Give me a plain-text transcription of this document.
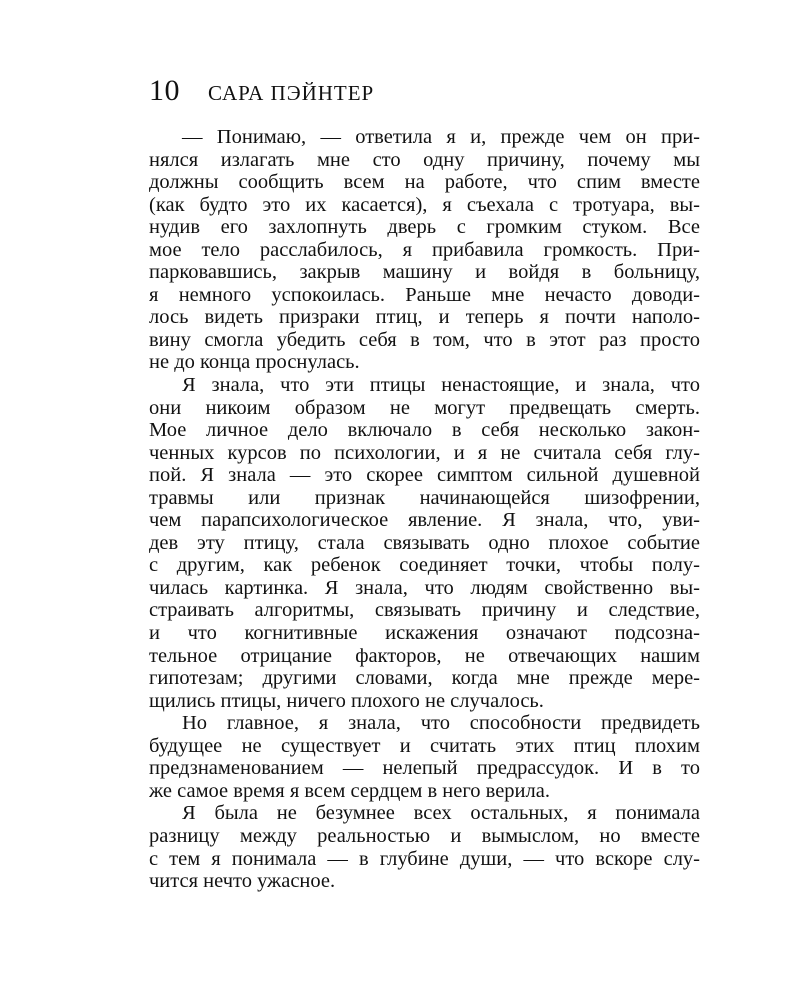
10 САРА ПЭЙНТЕР
— Понимаю, — ответила я и, прежде чем он при-
нялся излагать мне сто одну причину, почему мы
должны сообщить всем на работе, что спим вместе
(как будто это их касается), я съехала с тротуара, вы-
нудив его захлопнуть дверь с громким стуком. Все
мое тело расслабилось, я прибавила громкость. При-
парковавшись, закрыв машину и войдя в больницу,
я немного успокоилась. Раньше мне нечасто доводи-
лось видеть призраки птиц, и теперь я почти наполо-
вину смогла убедить себя в том, что в этот раз просто
не до конца проснулась.
Я знала, что эти птицы ненастоящие, и знала, что
они никоим образом не могут предвещать смерть.
Мое личное дело включало в себя несколько закон-
ченных курсов по психологии, и я не считала себя глу-
пой. Я знала — это скорее симптом сильной душевной
травмы или признак начинающейся шизофрении,
чем парапсихологическое явление. Я знала, что, уви-
дев эту птицу, стала связывать одно плохое событие
с другим, как ребенок соединяет точки, чтобы полу-
чилась картинка. Я знала, что людям свойственно вы-
страивать алгоритмы, связывать причину и следствие,
и что когнитивные искажения означают подсозна-
тельное отрицание факторов, не отвечающих нашим
гипотезам; другими словами, когда мне прежде мере-
щились птицы, ничего плохого не случалось.
Но главное, я знала, что способности предвидеть
будущее не существует и считать этих птиц плохим
предзнаменованием — нелепый предрассудок. И в то
же самое время я всем сердцем в него верила.
Я была не безумнее всех остальных, я понимала
разницу между реальностью и вымыслом, но вместе
с тем я понимала — в глубине души, — что вскоре слу-
чится нечто ужасное.
